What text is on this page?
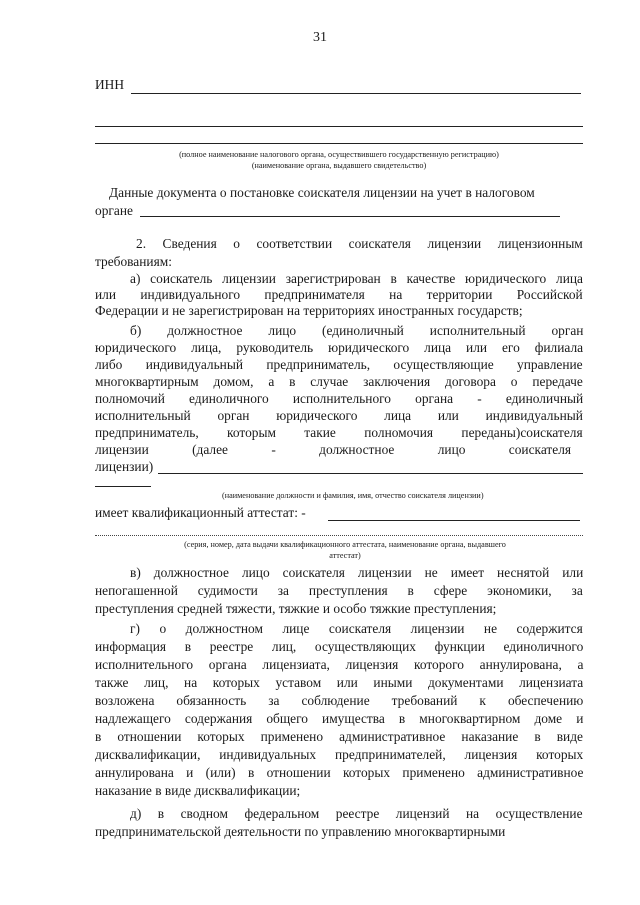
31
ИНН
(полное наименование налогового органа, осуществившего государственную регистрацию)
(наименование органа, выдавшего свидетельство)
Данные документа о постановке соискателя лицензии на учет в налоговом
органе
2. Сведения о соответствии соискателя лицензии лицензионным
требованиям:
а) соискатель лицензии зарегистрирован в качестве юридического лица
или индивидуального предпринимателя на территории Российской
Федерации и не зарегистрирован на территориях иностранных государств;
б) должностное лицо (единоличный исполнительный орган
юридического лица, руководитель юридического лица или его филиала
либо индивидуальный предприниматель, осуществляющие управление
многоквартирным домом, а в случае заключения договора о передаче
полномочий единоличного исполнительного органа - единоличный
исполнительный орган юридического лица или индивидуальный
предприниматель, которым такие полномочия переданы)соискателя
лицензии (далее - должностное лицо соискателя
лицензии)
(наименование должности и фамилия, имя, отчество соискателя лицензии)
имеет квалификационный аттестат: -
(серия, номер, дата выдачи квалификационного аттестата, наименование органа, выдавшего
аттестат)
в) должностное лицо соискателя лицензии не имеет неснятой или
непогашенной судимости за преступления в сфере экономики, за
преступления средней тяжести, тяжкие и особо тяжкие преступления;
г) о должностном лице соискателя лицензии не содержится
информация в реестре лиц, осуществляющих функции единоличного
исполнительного органа лицензиата, лицензия которого аннулирована, а
также лиц, на которых уставом или иными документами лицензиата
возложена обязанность за соблюдение требований к обеспечению
надлежащего содержания общего имущества в многоквартирном доме и
в отношении которых применено административное наказание в виде
дисквалификации, индивидуальных предпринимателей, лицензия которых
аннулирована и (или) в отношении которых применено административное
наказание в виде дисквалификации;
д) в сводном федеральном реестре лицензий на осуществление
предпринимательской деятельности по управлению многоквартирными
